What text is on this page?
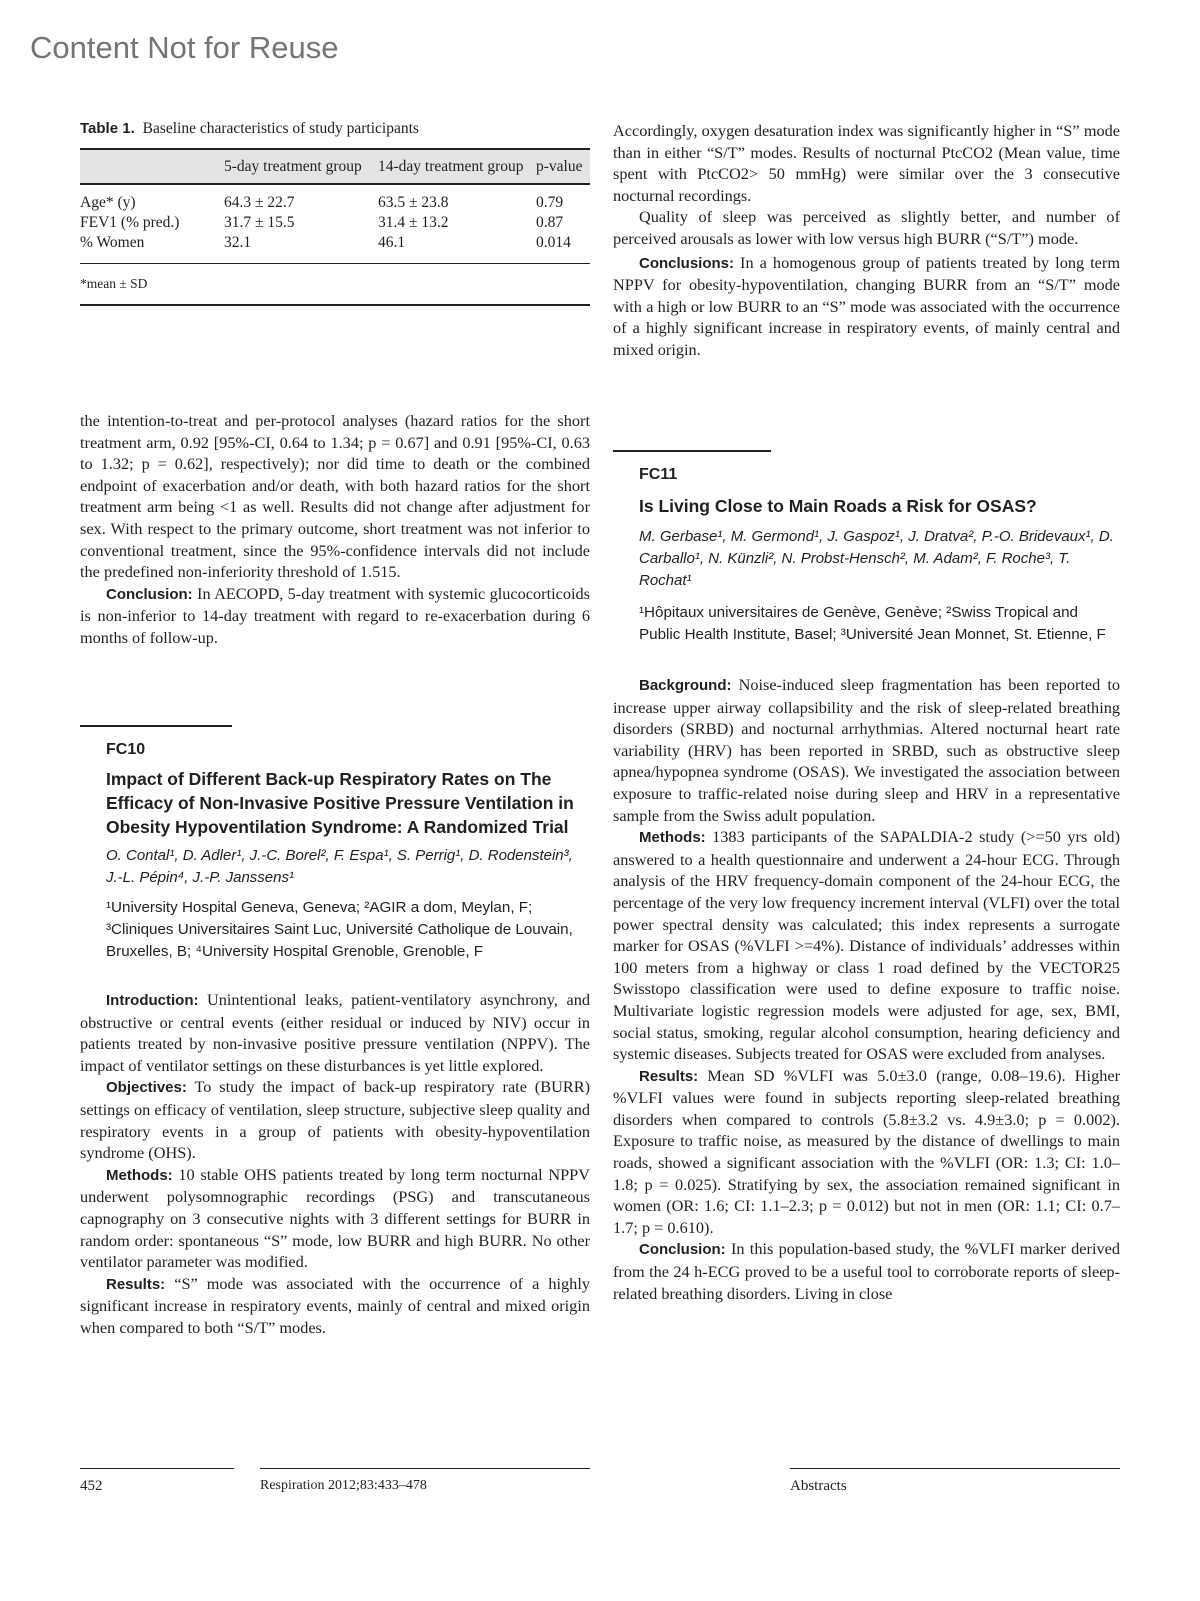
Content Not for Reuse
Table 1. Baseline characteristics of study participants
	5-day treatment group	14-day treatment group	p-value
Age* (y)	64.3 ± 22.7	63.5 ± 23.8	0.79
FEV1 (% pred.)	31.7 ± 15.5	31.4 ± 13.2	0.87
% Women	32.1	46.1	0.014
*mean ± SD			

the intention-to-treat and per-protocol analyses (hazard ratios for the short treatment arm, 0.92 [95%-CI, 0.64 to 1.34; p = 0.67] and 0.91 [95%-CI, 0.63 to 1.32; p = 0.62], respectively); nor did time to death or the combined endpoint of exacerbation and/or death, with both hazard ratios for the short treatment arm being <1 as well. Results did not change after adjustment for sex. With respect to the primary outcome, short treatment was not inferior to conventional treatment, since the 95%-confidence intervals did not include the predefined non-inferiority threshold of 1.515.

Conclusion: In AECOPD, 5-day treatment with systemic glucocorticoids is non-inferior to 14-day treatment with regard to re-exacerbation during 6 months of follow-up.

FC10
Impact of Different Back-up Respiratory Rates on The Efficacy of Non-Invasive Positive Pressure Ventilation in Obesity Hypoventilation Syndrome: A Randomized Trial
O. Contal¹, D. Adler¹, J.-C. Borel², F. Espa¹, S. Perrig¹, D. Rodenstein³, J.-L. Pépin⁴, J.-P. Janssens¹
¹University Hospital Geneva, Geneva; ²AGIR a dom, Meylan, F; ³Cliniques Universitaires Saint Luc, Université Catholique de Louvain, Bruxelles, B; ⁴University Hospital Grenoble, Grenoble, F

Introduction: Unintentional leaks, patient-ventilatory asynchrony, and obstructive or central events (either residual or induced by NIV) occur in patients treated by non-invasive positive pressure ventilation (NPPV). The impact of ventilator settings on these disturbances is yet little explored.

Objectives: To study the impact of back-up respiratory rate (BURR) settings on efficacy of ventilation, sleep structure, subjective sleep quality and respiratory events in a group of patients with obesity-hypoventilation syndrome (OHS).

Methods: 10 stable OHS patients treated by long term nocturnal NPPV underwent polysomnographic recordings (PSG) and transcutaneous capnography on 3 consecutive nights with 3 different settings for BURR in random order: spontaneous “S” mode, low BURR and high BURR. No other ventilator parameter was modified.

Results: “S” mode was associated with the occurrence of a highly significant increase in respiratory events, mainly of central and mixed origin when compared to both “S/T” modes.

Accordingly, oxygen desaturation index was significantly higher in “S” mode than in either “S/T” modes. Results of nocturnal PtcCO2 (Mean value, time spent with PtcCO2> 50 mmHg) were similar over the 3 consecutive nocturnal recordings.

Quality of sleep was perceived as slightly better, and number of perceived arousals as lower with low versus high BURR (“S/T”) mode.

Conclusions: In a homogenous group of patients treated by long term NPPV for obesity-hypoventilation, changing BURR from an “S/T” mode with a high or low BURR to an “S” mode was associated with the occurrence of a highly significant increase in respiratory events, of mainly central and mixed origin.

FC11
Is Living Close to Main Roads a Risk for OSAS?
M. Gerbase¹, M. Germond¹, J. Gaspoz¹, J. Dratva², P.-O. Bridevaux¹, D. Carballo¹, N. Künzli², N. Probst-Hensch², M. Adam², F. Roche³, T. Rochat¹
¹Hôpitaux universitaires de Genève, Genève; ²Swiss Tropical and Public Health Institute, Basel; ³Université Jean Monnet, St. Etienne, F

Background: Noise-induced sleep fragmentation has been reported to increase upper airway collapsibility and the risk of sleep-related breathing disorders (SRBD) and nocturnal arrhythmias. Altered nocturnal heart rate variability (HRV) has been reported in SRBD, such as obstructive sleep apnea/hypopnea syndrome (OSAS). We investigated the association between exposure to traffic-related noise during sleep and HRV in a representative sample from the Swiss adult population.

Methods: 1383 participants of the SAPALDIA-2 study (>=50 yrs old) answered to a health questionnaire and underwent a 24-hour ECG. Through analysis of the HRV frequency-domain component of the 24-hour ECG, the percentage of the very low frequency increment interval (VLFI) over the total power spectral density was calculated; this index represents a surrogate marker for OSAS (%VLFI >=4%). Distance of individuals’ addresses within 100 meters from a highway or class 1 road defined by the VECTOR25 Swisstopo classification were used to define exposure to traffic noise. Multivariate logistic regression models were adjusted for age, sex, BMI, social status, smoking, regular alcohol consumption, hearing deficiency and systemic diseases. Subjects treated for OSAS were excluded from analyses.

Results: Mean SD %VLFI was 5.0±3.0 (range, 0.08–19.6). Higher %VLFI values were found in subjects reporting sleep-related breathing disorders when compared to controls (5.8±3.2 vs. 4.9±3.0; p = 0.002). Exposure to traffic noise, as measured by the distance of dwellings to main roads, showed a significant association with the %VLFI (OR: 1.3; CI: 1.0–1.8; p = 0.025). Stratifying by sex, the association remained significant in women (OR: 1.6; CI: 1.1–2.3; p = 0.012) but not in men (OR: 1.1; CI: 0.7–1.7; p = 0.610).

Conclusion: In this population-based study, the %VLFI marker derived from the 24 h-ECG proved to be a useful tool to corroborate reports of sleep-related breathing disorders. Living in close

452	Respiration 2012;83:433–478	Abstracts
